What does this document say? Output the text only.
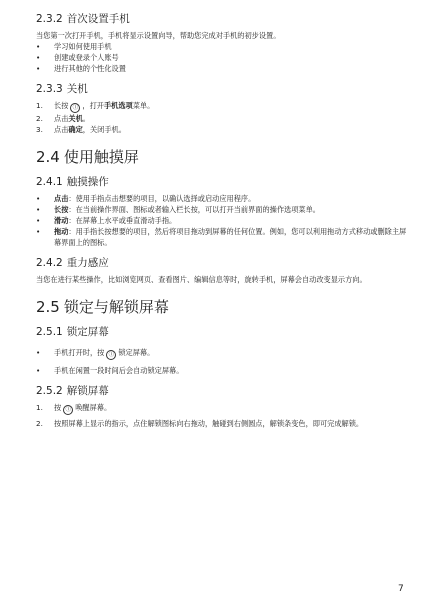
2.3.2 首次设置手机

当您第一次打开手机，手机将显示设置向导，帮助您完成对手机的初步设置。

•	学习如何使用手机
•	创建或登录个人账号
•	进行其他的个性化设置
2.3.3 关机
1.	长按 Ⓘ ，打开手机选项菜单。
2.	点击关机。
3.	点击确定，关闭手机。
2.4 使用触摸屏
2.4.1 触摸操作
•	点击：使用手指点击想要的项目，以确认选择或启动应用程序。
•	长按：在当前操作界面、图标或者输入栏长按，可以打开当前界面的操作选项菜单。
•	滑动：在屏幕上水平或垂直滑动手指。
•	拖动：用手指长按想要的项目，然后将项目拖动到屏幕的任何位置。例如，您可以利用拖动方式移动或删除主屏幕界面上的图标。
2.4.2 重力感应

当您在进行某些操作，比如浏览网页、查看图片、编辑信息等时，旋转手机，屏幕会自动改变显示方向。

2.5 锁定与解锁屏幕
2.5.1 锁定屏幕
•	手机打开时，按 Ⓘ 锁定屏幕。
•	手机在闲置一段时间后会自动锁定屏幕。
2.5.2 解锁屏幕
1.	按 Ⓘ 唤醒屏幕。
2.	按照屏幕上显示的指示，点住解锁图标向右拖动，触碰到右侧圆点，解锁条变色，即可完成解锁。
7
